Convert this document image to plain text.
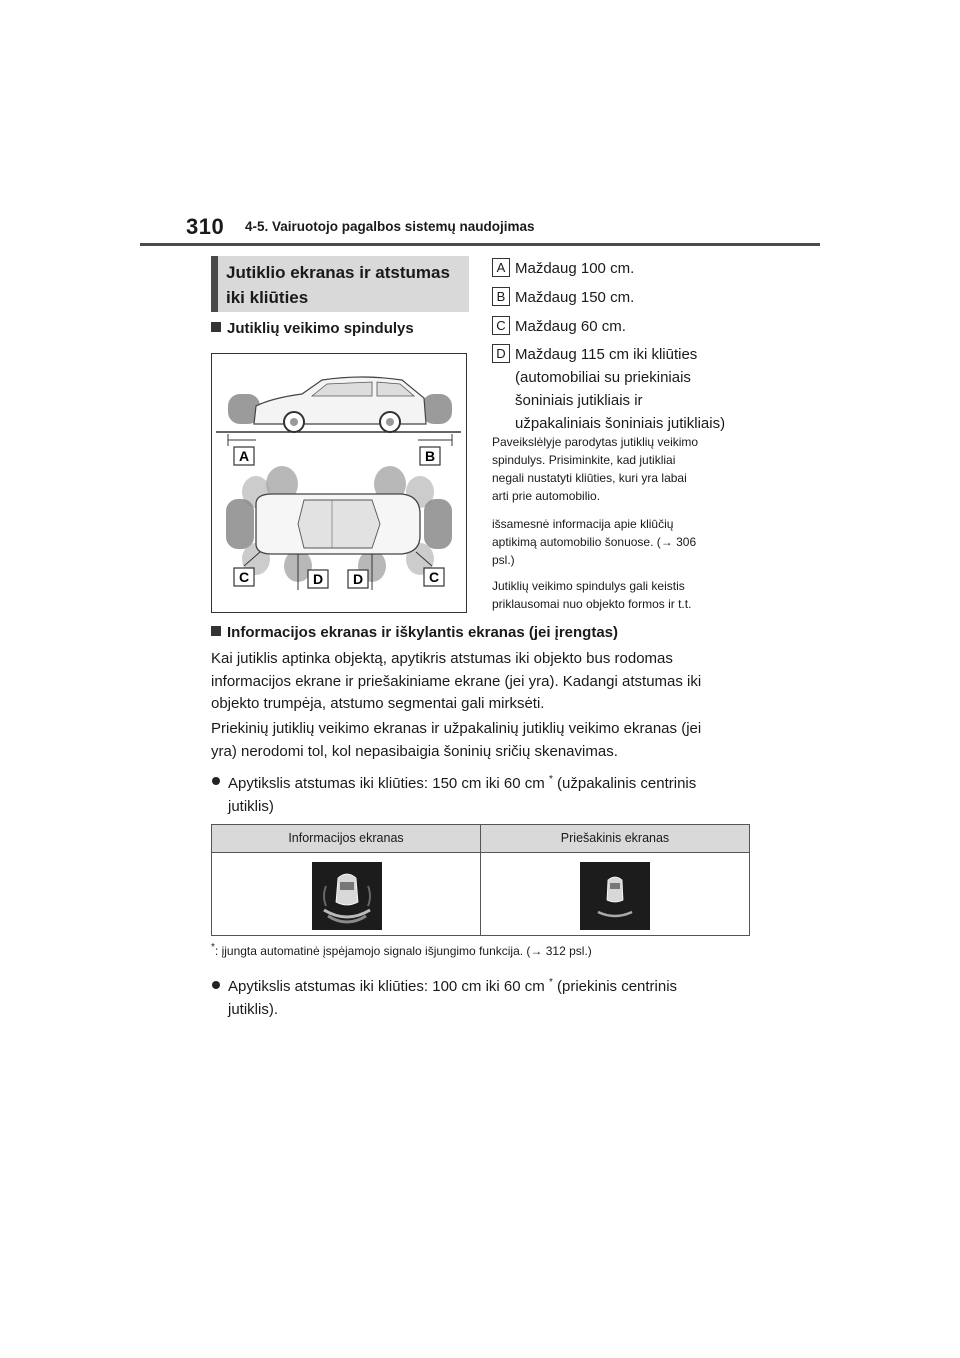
310 4-5. Vairuotojo pagalbos sistemų naudojimas
Jutiklio ekranas ir atstumas
iki kliūties
Jutiklių veikimo spindulys
A	B
C	D D	C
A Maždaug 100 cm.
B Maždaug 150 cm.
C Maždaug 60 cm.
D Maždaug 115 cm iki kliūties
(automobiliai su priekiniais
šoniniais jutikliais ir
užpakaliniais šoniniais jutikliais)
Paveikslėlyje parodytas jutiklių veikimo
spindulys. Prisiminkite, kad jutikliai
negali nustatyti kliūties, kuri yra labai
arti prie automobilio.
išsamesnė informacija apie kliūčių
aptikimą automobilio šonuose. (→ 306
psl.)
Jutiklių veikimo spindulys gali keistis
priklausomai nuo objekto formos ir t.t.
Informacijos ekranas ir iškylantis ekranas (jei įrengtas)
Kai jutiklis aptinka objektą, apytikris atstumas iki objekto bus rodomas
informacijos ekrane ir priešakiniame ekrane (jei yra). Kadangi atstumas iki
objekto trumpėja, atstumo segmentai gali mirksėti.
Priekinių jutiklių veikimo ekranas ir užpakalinių jutiklių veikimo ekranas (jei
yra) nerodomi tol, kol nepasibaigia šoninių sričių skenavimas.
Apytikslis atstumas iki kliūties: 150 cm iki 60 cm * (užpakalinis centrinis
jutiklis)
Informacijos ekranas	Priešakinis ekranas
*: įjungta automatinė įspėjamojo signalo išjungimo funkcija. (→ 312 psl.)
Apytikslis atstumas iki kliūties: 100 cm iki 60 cm * (priekinis centrinis
jutiklis).
